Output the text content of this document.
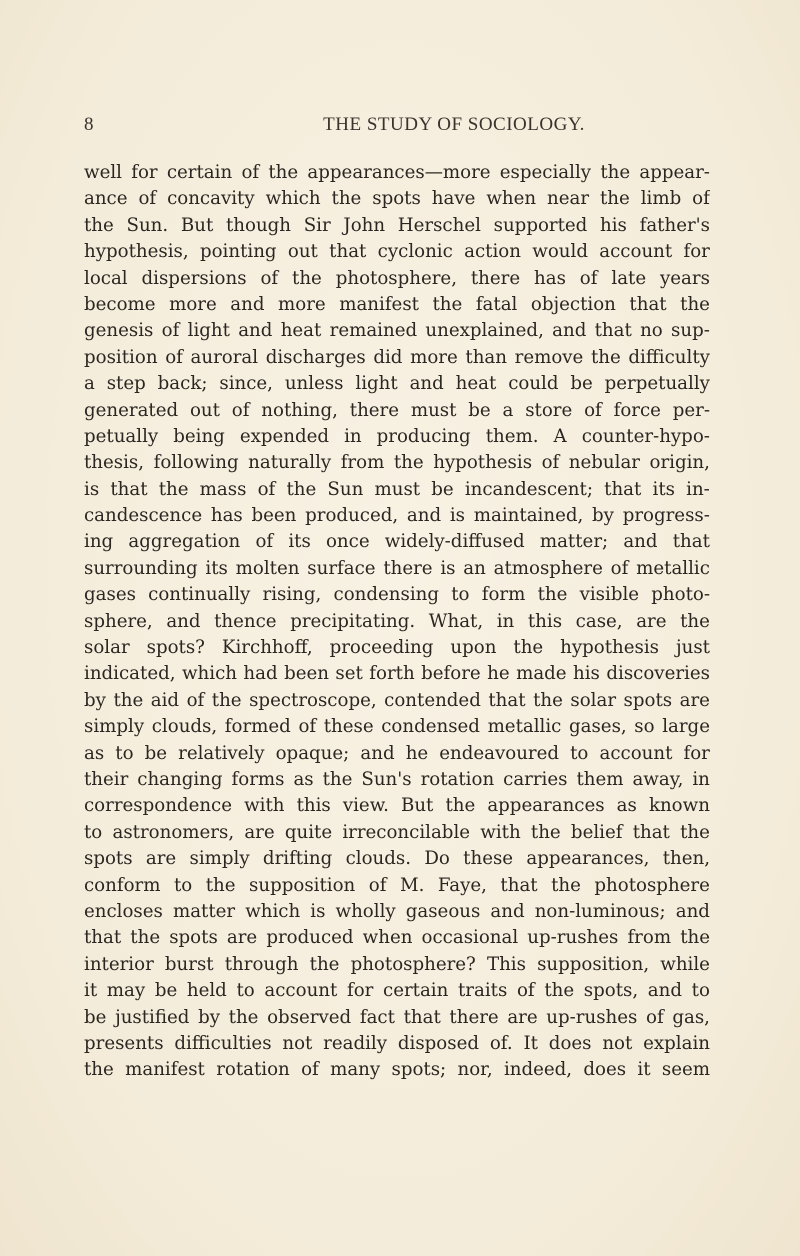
8	THE STUDY OF SOCIOLOGY.
well for certain of the appearances—more especially the appear-
ance of concavity which the spots have when near the limb of
the Sun. But though Sir John Herschel supported his father's
hypothesis, pointing out that cyclonic action would account for
local dispersions of the photosphere, there has of late years
become more and more manifest the fatal objection that the
genesis of light and heat remained unexplained, and that no sup-
position of auroral discharges did more than remove the difficulty
a step back; since, unless light and heat could be perpetually
generated out of nothing, there must be a store of force per-
petually being expended in producing them. A counter-hypo-
thesis, following naturally from the hypothesis of nebular origin,
is that the mass of the Sun must be incandescent; that its in-
candescence has been produced, and is maintained, by progress-
ing aggregation of its once widely-diffused matter; and that
surrounding its molten surface there is an atmosphere of metallic
gases continually rising, condensing to form the visible photo-
sphere, and thence precipitating. What, in this case, are the
solar spots? Kirchhoff, proceeding upon the hypothesis just
indicated, which had been set forth before he made his discoveries
by the aid of the spectroscope, contended that the solar spots are
simply clouds, formed of these condensed metallic gases, so large
as to be relatively opaque; and he endeavoured to account for
their changing forms as the Sun's rotation carries them away, in
correspondence with this view. But the appearances as known
to astronomers, are quite irreconcilable with the belief that the
spots are simply drifting clouds. Do these appearances, then,
conform to the supposition of M. Faye, that the photosphere
encloses matter which is wholly gaseous and non-luminous; and
that the spots are produced when occasional up-rushes from the
interior burst through the photosphere? This supposition, while
it may be held to account for certain traits of the spots, and to
be justified by the observed fact that there are up-rushes of gas,
presents difficulties not readily disposed of. It does not explain
the manifest rotation of many spots; nor, indeed, does it seem
